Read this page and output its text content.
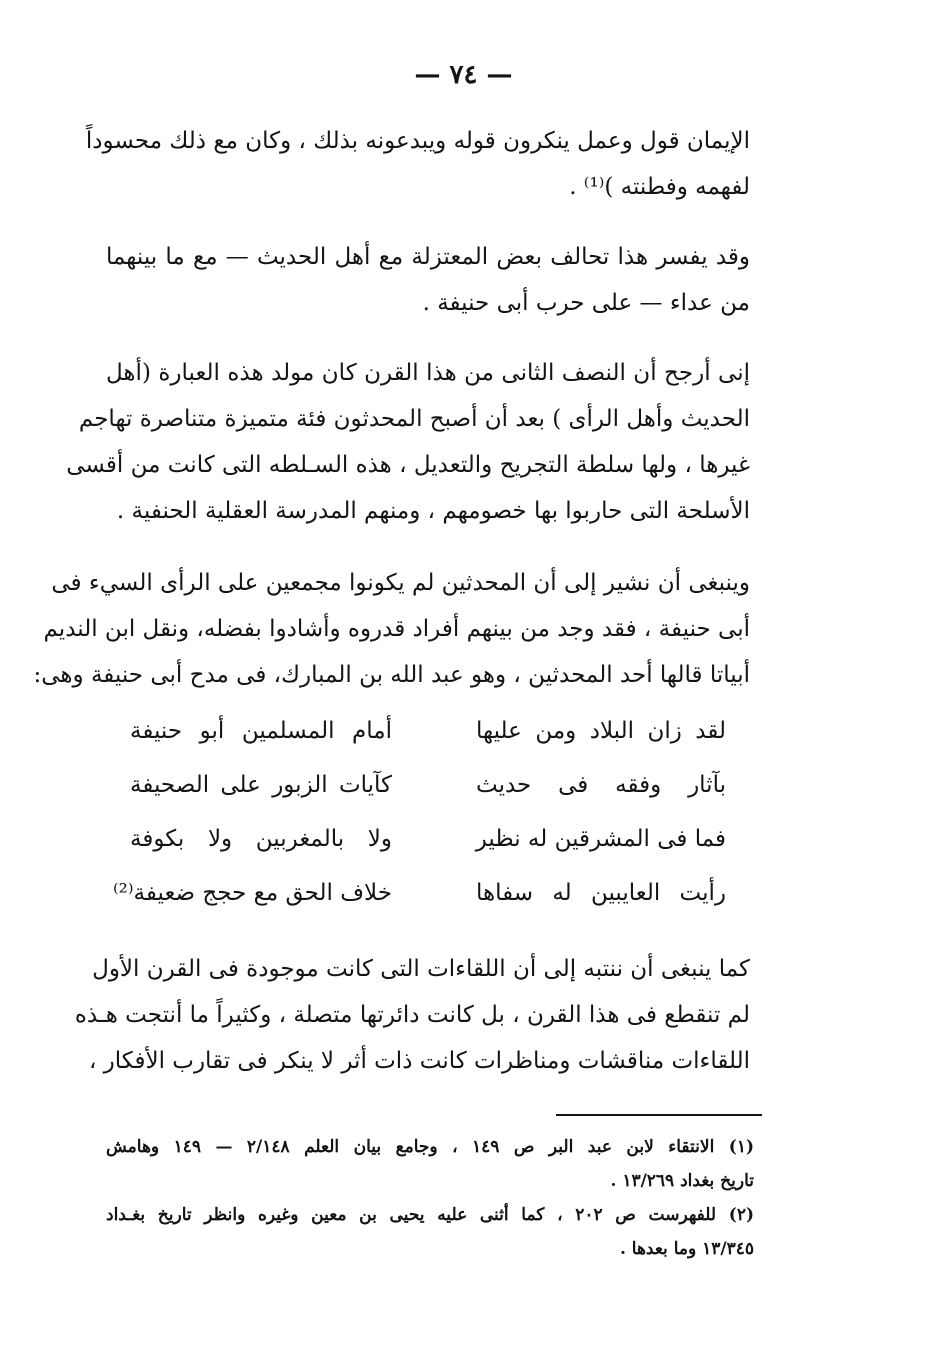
— ٧٤ —
الإيمان قول وعمل ينكرون قوله ويبدعونه بذلك ، وكان مع ذلك محسوداً
لفهمه وفطنته )⁽¹⁾ .
وقد يفسر هذا تحالف بعض المعتزلة مع أهل الحديث — مع ما بينهما
من عداء — على حرب أبى حنيفة .
إنى أرجح أن النصف الثانى من هذا القرن كان مولد هذه العبارة (أهل
الحديث وأهل الرأى ) بعد أن أصبح المحدثون فئة متميزة متناصرة تهاجم
غيرها ، ولها سلطة التجريح والتعديل ، هذه السـلطه التى كانت من أقسى
الأسلحة التى حاربوا بها خصومهم ، ومنهم المدرسة العقلية الحنفية .
وينبغى أن نشير إلى أن المحدثين لم يكونوا مجمعين على الرأى السيء فى
أبى حنيفة ، فقد وجد من بينهم أفراد قدروه وأشادوا بفضله، ونقل ابن النديم
أبياتا قالها أحد المحدثين ، وهو عبد الله بن المبارك، فى مدح أبى حنيفة وهى:
لقد زان البلاد ومن عليها
أمام المسلمين أبو حنيفة
بآثار وفقه فى حديث
كآيات الزبور على الصحيفة
فما فى المشرقين له نظير
ولا بالمغربين ولا بكوفة
رأيت العايبين له سفاها
خلاف الحق مع حجج ضعيفة⁽²⁾
كما ينبغى أن ننتبه إلى أن اللقاءات التى كانت موجودة فى القرن الأول
لم تنقطع فى هذا القرن ، بل كانت دائرتها متصلة ، وكثيراً ما أنتجت هـذه
اللقاءات مناقشات ومناظرات كانت ذات أثر لا ينكر فى تقارب الأفكار ،
(١) الانتقاء لابن عبد البر ص ١٤٩ ، وجامع بيان العلم ٢/١٤٨ — ١٤٩ وهامش
تاريخ بغداد ١٣/٢٦٩ .
(٢) للفهرست ص ٢٠٢ ، كما أثنى عليه يحيى بن معين وغيره وانظر تاريخ بغـداد
١٣/٣٤٥ وما بعدها .
